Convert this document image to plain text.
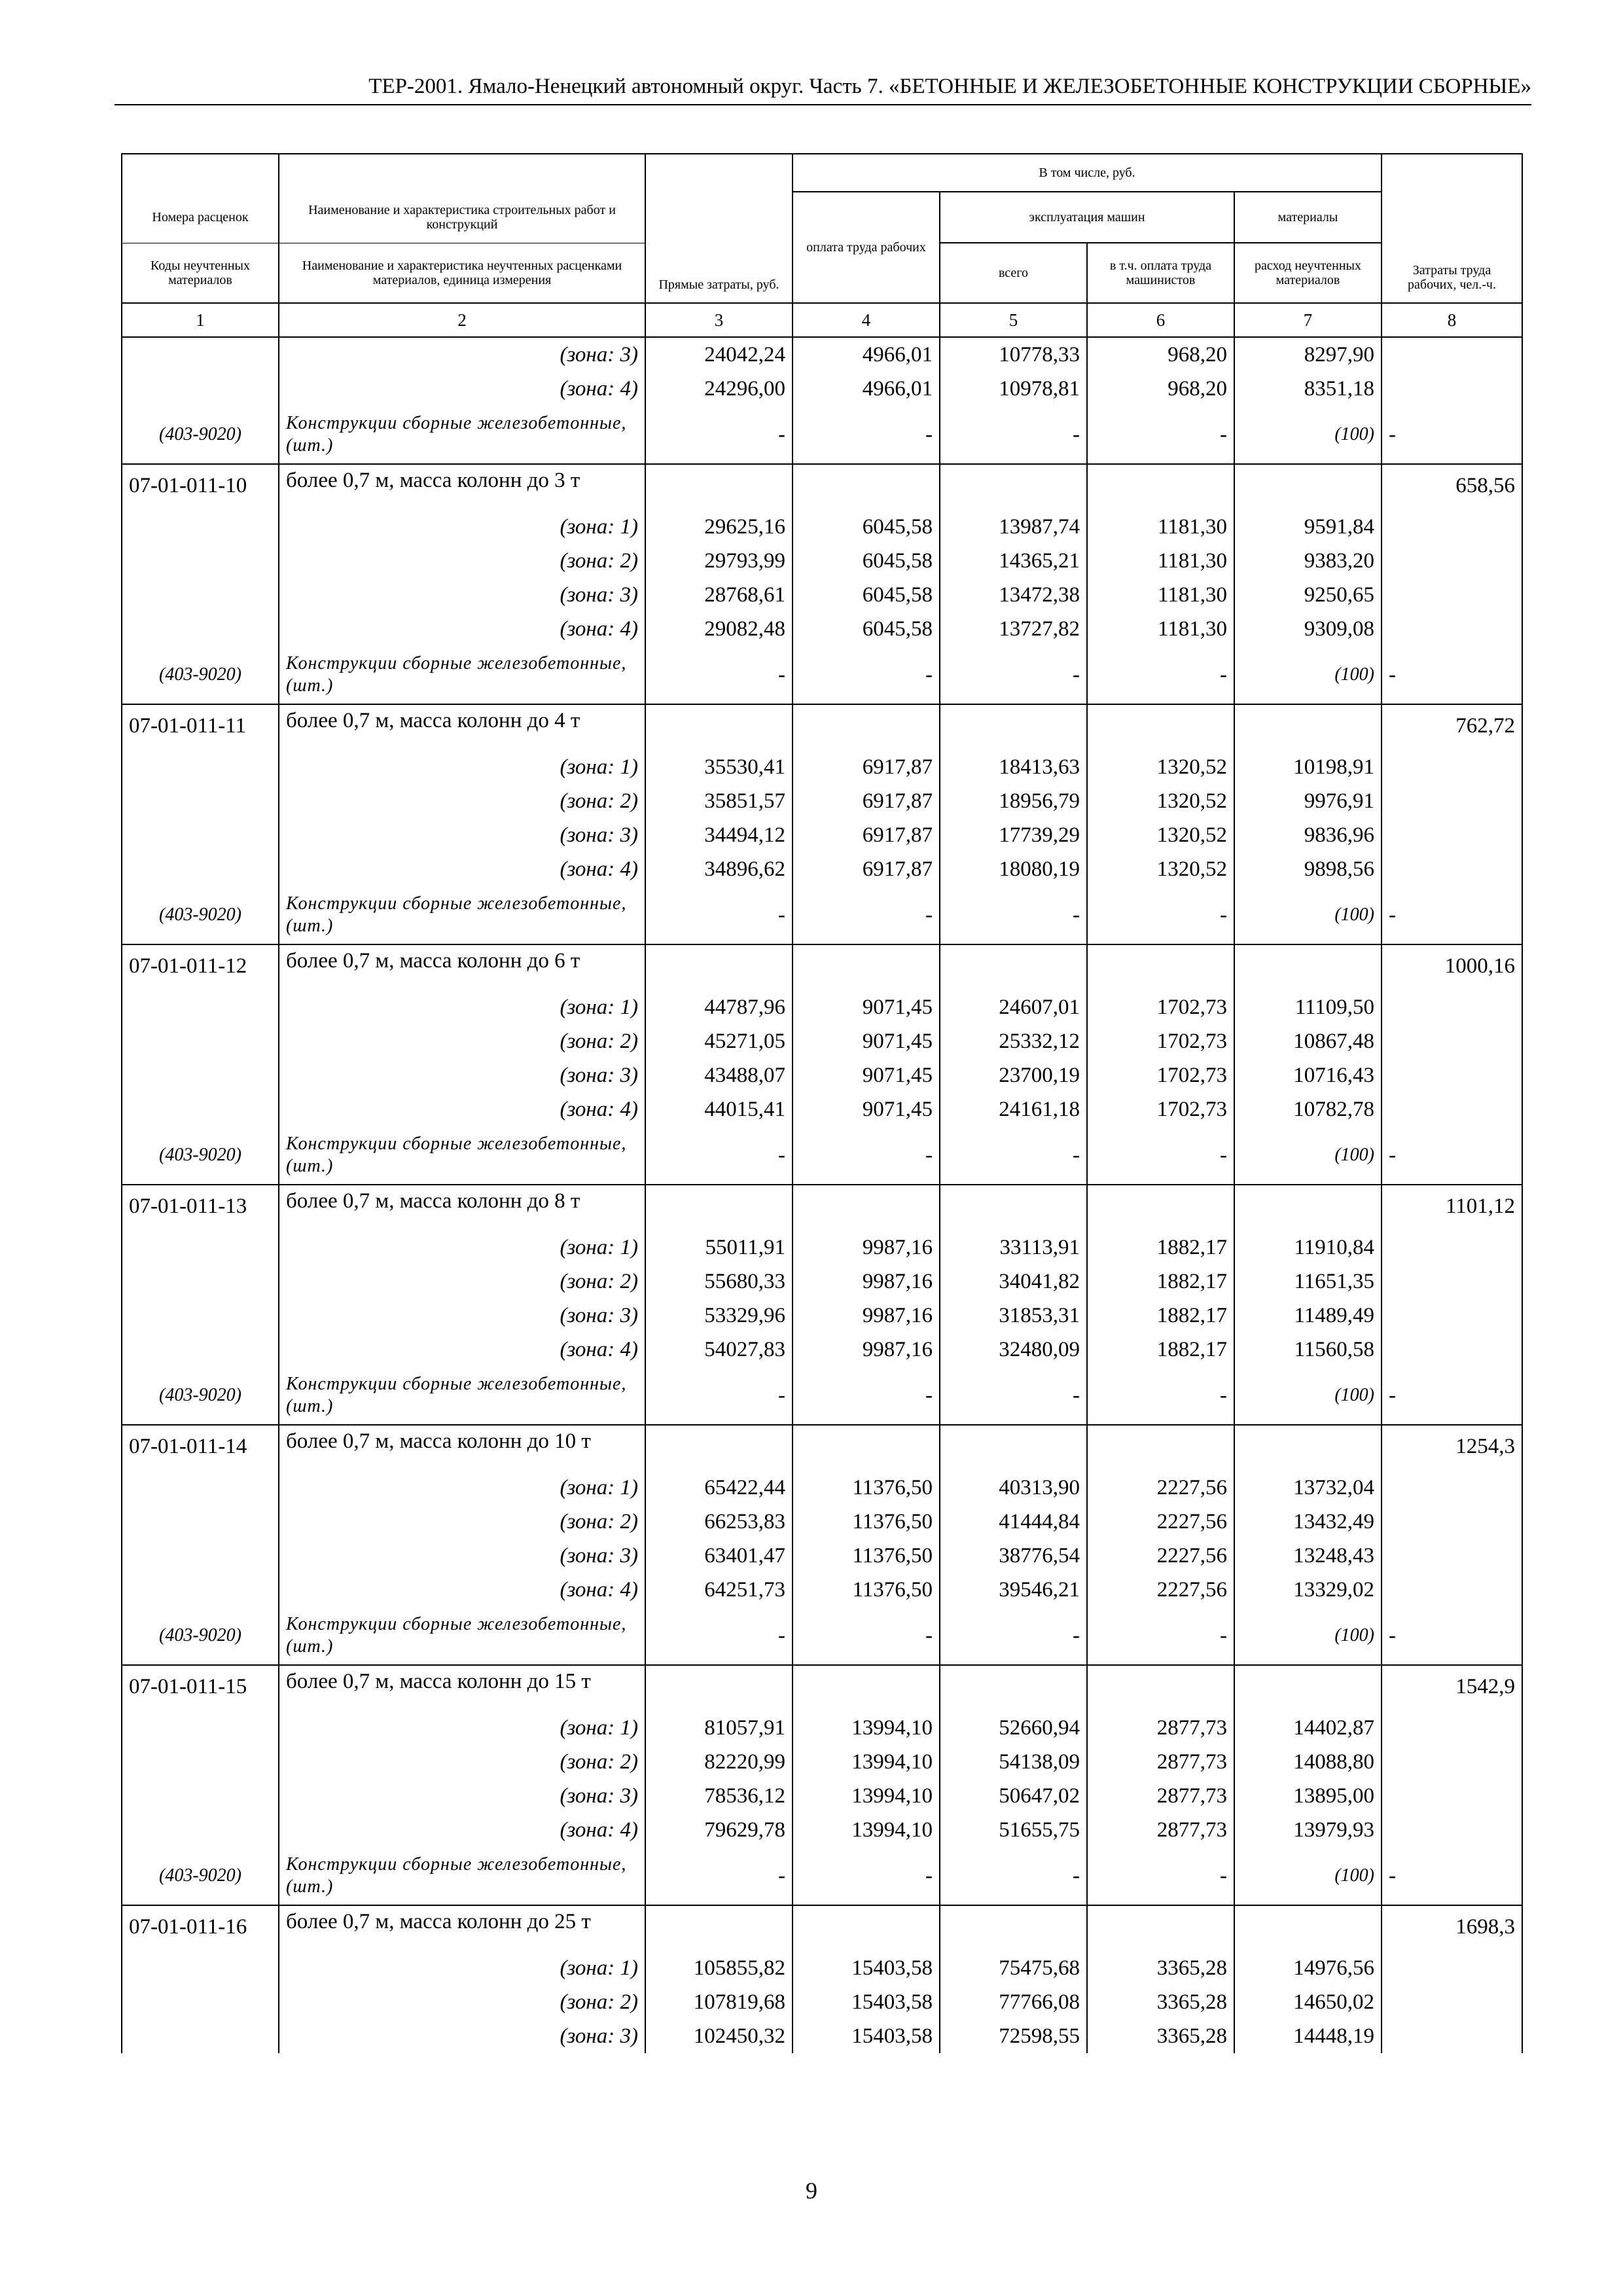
ТЕР-2001. Ямало-Ненецкий автономный округ. Часть 7. «БЕТОННЫЕ И ЖЕЛЕЗОБЕТОННЫЕ КОНСТРУКЦИИ СБОРНЫЕ»
			В том числе, руб.				
Номера расценок	Наименование и характеристика строительных работ и конструкций	Прямые затраты, руб.	оплата труда рабочих	эксплуатация машин		материалы	Затраты труда рабочих, чел.-ч.
Коды неучтенных материалов	Наименование и характеристика неучтенных расценками материалов, единица измерения			всего	в т.ч. оплата труда машинистов	расход неучтенных материалов	
1	2	3	4	5	6	7	8
	(зона: 3)	24042,24	4966,01	10778,33	968,20	8297,90	
	(зона: 4)	24296,00	4966,01	10978,81	968,20	8351,18	
(403-9020)	Конструкции сборные железобетонные, (шт.)	-	-	-	-	(100)	-
07-01-011-10	более 0,7 м, масса колонн до 3 т						658,56
	(зона: 1)	29625,16	6045,58	13987,74	1181,30	9591,84	
	(зона: 2)	29793,99	6045,58	14365,21	1181,30	9383,20	
	(зона: 3)	28768,61	6045,58	13472,38	1181,30	9250,65	
	(зона: 4)	29082,48	6045,58	13727,82	1181,30	9309,08	
(403-9020)	Конструкции сборные железобетонные, (шт.)	-	-	-	-	(100)	-
07-01-011-11	более 0,7 м, масса колонн до 4 т						762,72
	(зона: 1)	35530,41	6917,87	18413,63	1320,52	10198,91	
	(зона: 2)	35851,57	6917,87	18956,79	1320,52	9976,91	
	(зона: 3)	34494,12	6917,87	17739,29	1320,52	9836,96	
	(зона: 4)	34896,62	6917,87	18080,19	1320,52	9898,56	
(403-9020)	Конструкции сборные железобетонные, (шт.)	-	-	-	-	(100)	-
07-01-011-12	более 0,7 м, масса колонн до 6 т						1000,16
	(зона: 1)	44787,96	9071,45	24607,01	1702,73	11109,50	
	(зона: 2)	45271,05	9071,45	25332,12	1702,73	10867,48	
	(зона: 3)	43488,07	9071,45	23700,19	1702,73	10716,43	
	(зона: 4)	44015,41	9071,45	24161,18	1702,73	10782,78	
(403-9020)	Конструкции сборные железобетонные, (шт.)	-	-	-	-	(100)	-
07-01-011-13	более 0,7 м, масса колонн до 8 т						1101,12
	(зона: 1)	55011,91	9987,16	33113,91	1882,17	11910,84	
	(зона: 2)	55680,33	9987,16	34041,82	1882,17	11651,35	
	(зона: 3)	53329,96	9987,16	31853,31	1882,17	11489,49	
	(зона: 4)	54027,83	9987,16	32480,09	1882,17	11560,58	
(403-9020)	Конструкции сборные железобетонные, (шт.)	-	-	-	-	(100)	-
07-01-011-14	более 0,7 м, масса колонн до 10 т						1254,3
	(зона: 1)	65422,44	11376,50	40313,90	2227,56	13732,04	
	(зона: 2)	66253,83	11376,50	41444,84	2227,56	13432,49	
	(зона: 3)	63401,47	11376,50	38776,54	2227,56	13248,43	
	(зона: 4)	64251,73	11376,50	39546,21	2227,56	13329,02	
(403-9020)	Конструкции сборные железобетонные, (шт.)	-	-	-	-	(100)	-
07-01-011-15	более 0,7 м, масса колонн до 15 т						1542,9
	(зона: 1)	81057,91	13994,10	52660,94	2877,73	14402,87	
	(зона: 2)	82220,99	13994,10	54138,09	2877,73	14088,80	
	(зона: 3)	78536,12	13994,10	50647,02	2877,73	13895,00	
	(зона: 4)	79629,78	13994,10	51655,75	2877,73	13979,93	
(403-9020)	Конструкции сборные железобетонные, (шт.)	-	-	-	-	(100)	-
07-01-011-16	более 0,7 м, масса колонн до 25 т						1698,3
	(зона: 1)	105855,82	15403,58	75475,68	3365,28	14976,56	
	(зона: 2)	107819,68	15403,58	77766,08	3365,28	14650,02	
	(зона: 3)	102450,32	15403,58	72598,55	3365,28	14448,19	
9
